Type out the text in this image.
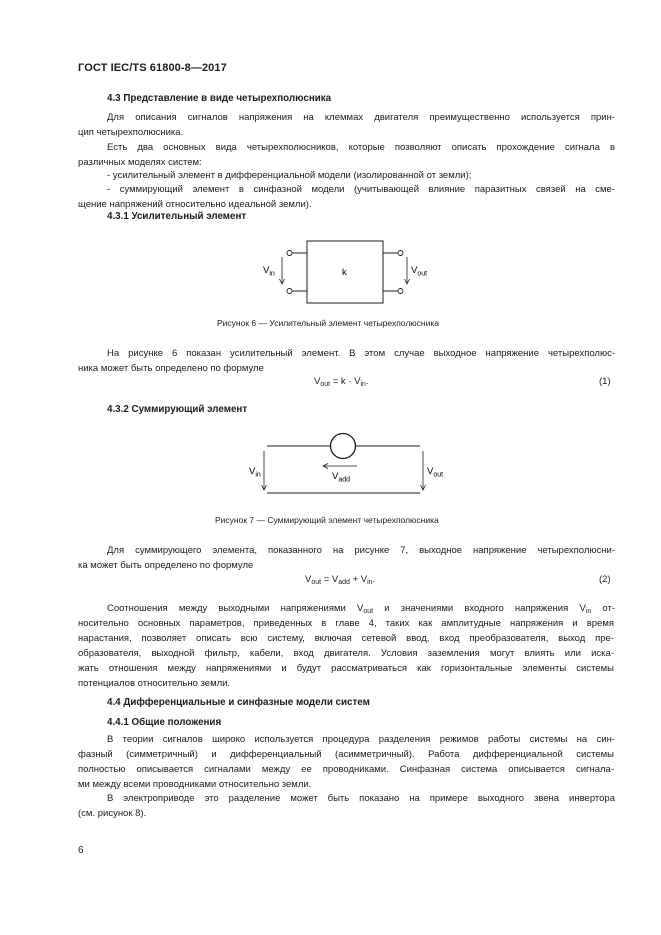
ГОСТ IEC/TS 61800-8—2017
4.3 Представление в виде четырехполюсника
Для описания сигналов напряжения на клеммах двигателя преимущественно используется прин-
цип четырехполюсника.
Есть два основных вида четырехполюсников, которые позволяют описать прохождение сигнала в
различных моделях систем:
- усилительный элемент в дифференциальной модели (изолированной от земли);
- суммирующий элемент в синфазной модели (учитывающей влияние паразитных связей на сме-
щение напряжений относительно идеальной земли).
4.3.1 Усилительный элемент
$V_{in}$	k	$V_{out}$
Рисунок 6 — Усилительный элемент четырехполюсника
На рисунке 6 показан усилительный элемент. В этом случае выходное напряжение четырехполюс-
ника может быть определено по формуле
$V_{out} = k \cdot V_{in}$.	(1)
4.3.2 Суммирующий элемент
$V_{in}$	$V_{add}$
$V_{out}$
Рисунок 7 — Суммирующий элемент четырехполюсника
Для суммирующего элемента, показанного на рисунке 7, выходное напряжение четырехполюсни-
ка может быть определено по формуле
$V_{out} = V_{add} + V_{in}$.	(2)
Соотношения между выходными напряжениями $V_{out}$ и значениями входного напряжения $V_{in}$ от-
носительно основных параметров, приведенных в главе 4, таких как амплитудные напряжения и время
нарастания, позволяет описать всю систему, включая сетевой ввод, вход преобразователя, выход пре-
образователя, выходной фильтр, кабели, вход двигателя. Условия заземления могут влиять или иска-
жать отношения между напряжениями и будут рассматриваться как горизонтальные элементы системы
потенциалов относительно земли.
4.4 Дифференциальные и синфазные модели систем
4.4.1 Общие положения
В теории сигналов широко используется процедура разделения режимов работы системы на син-
фазный (симметричный) и дифференциальный (асимметричный). Работа дифференциальной системы
полностью описывается сигналами между ее проводниками. Синфазная система описывается сигнала-
ми между всеми проводниками относительно земли.
В электроприводе это разделение может быть показано на примере выходного звена инвертора
(см. рисунок 8).
6
